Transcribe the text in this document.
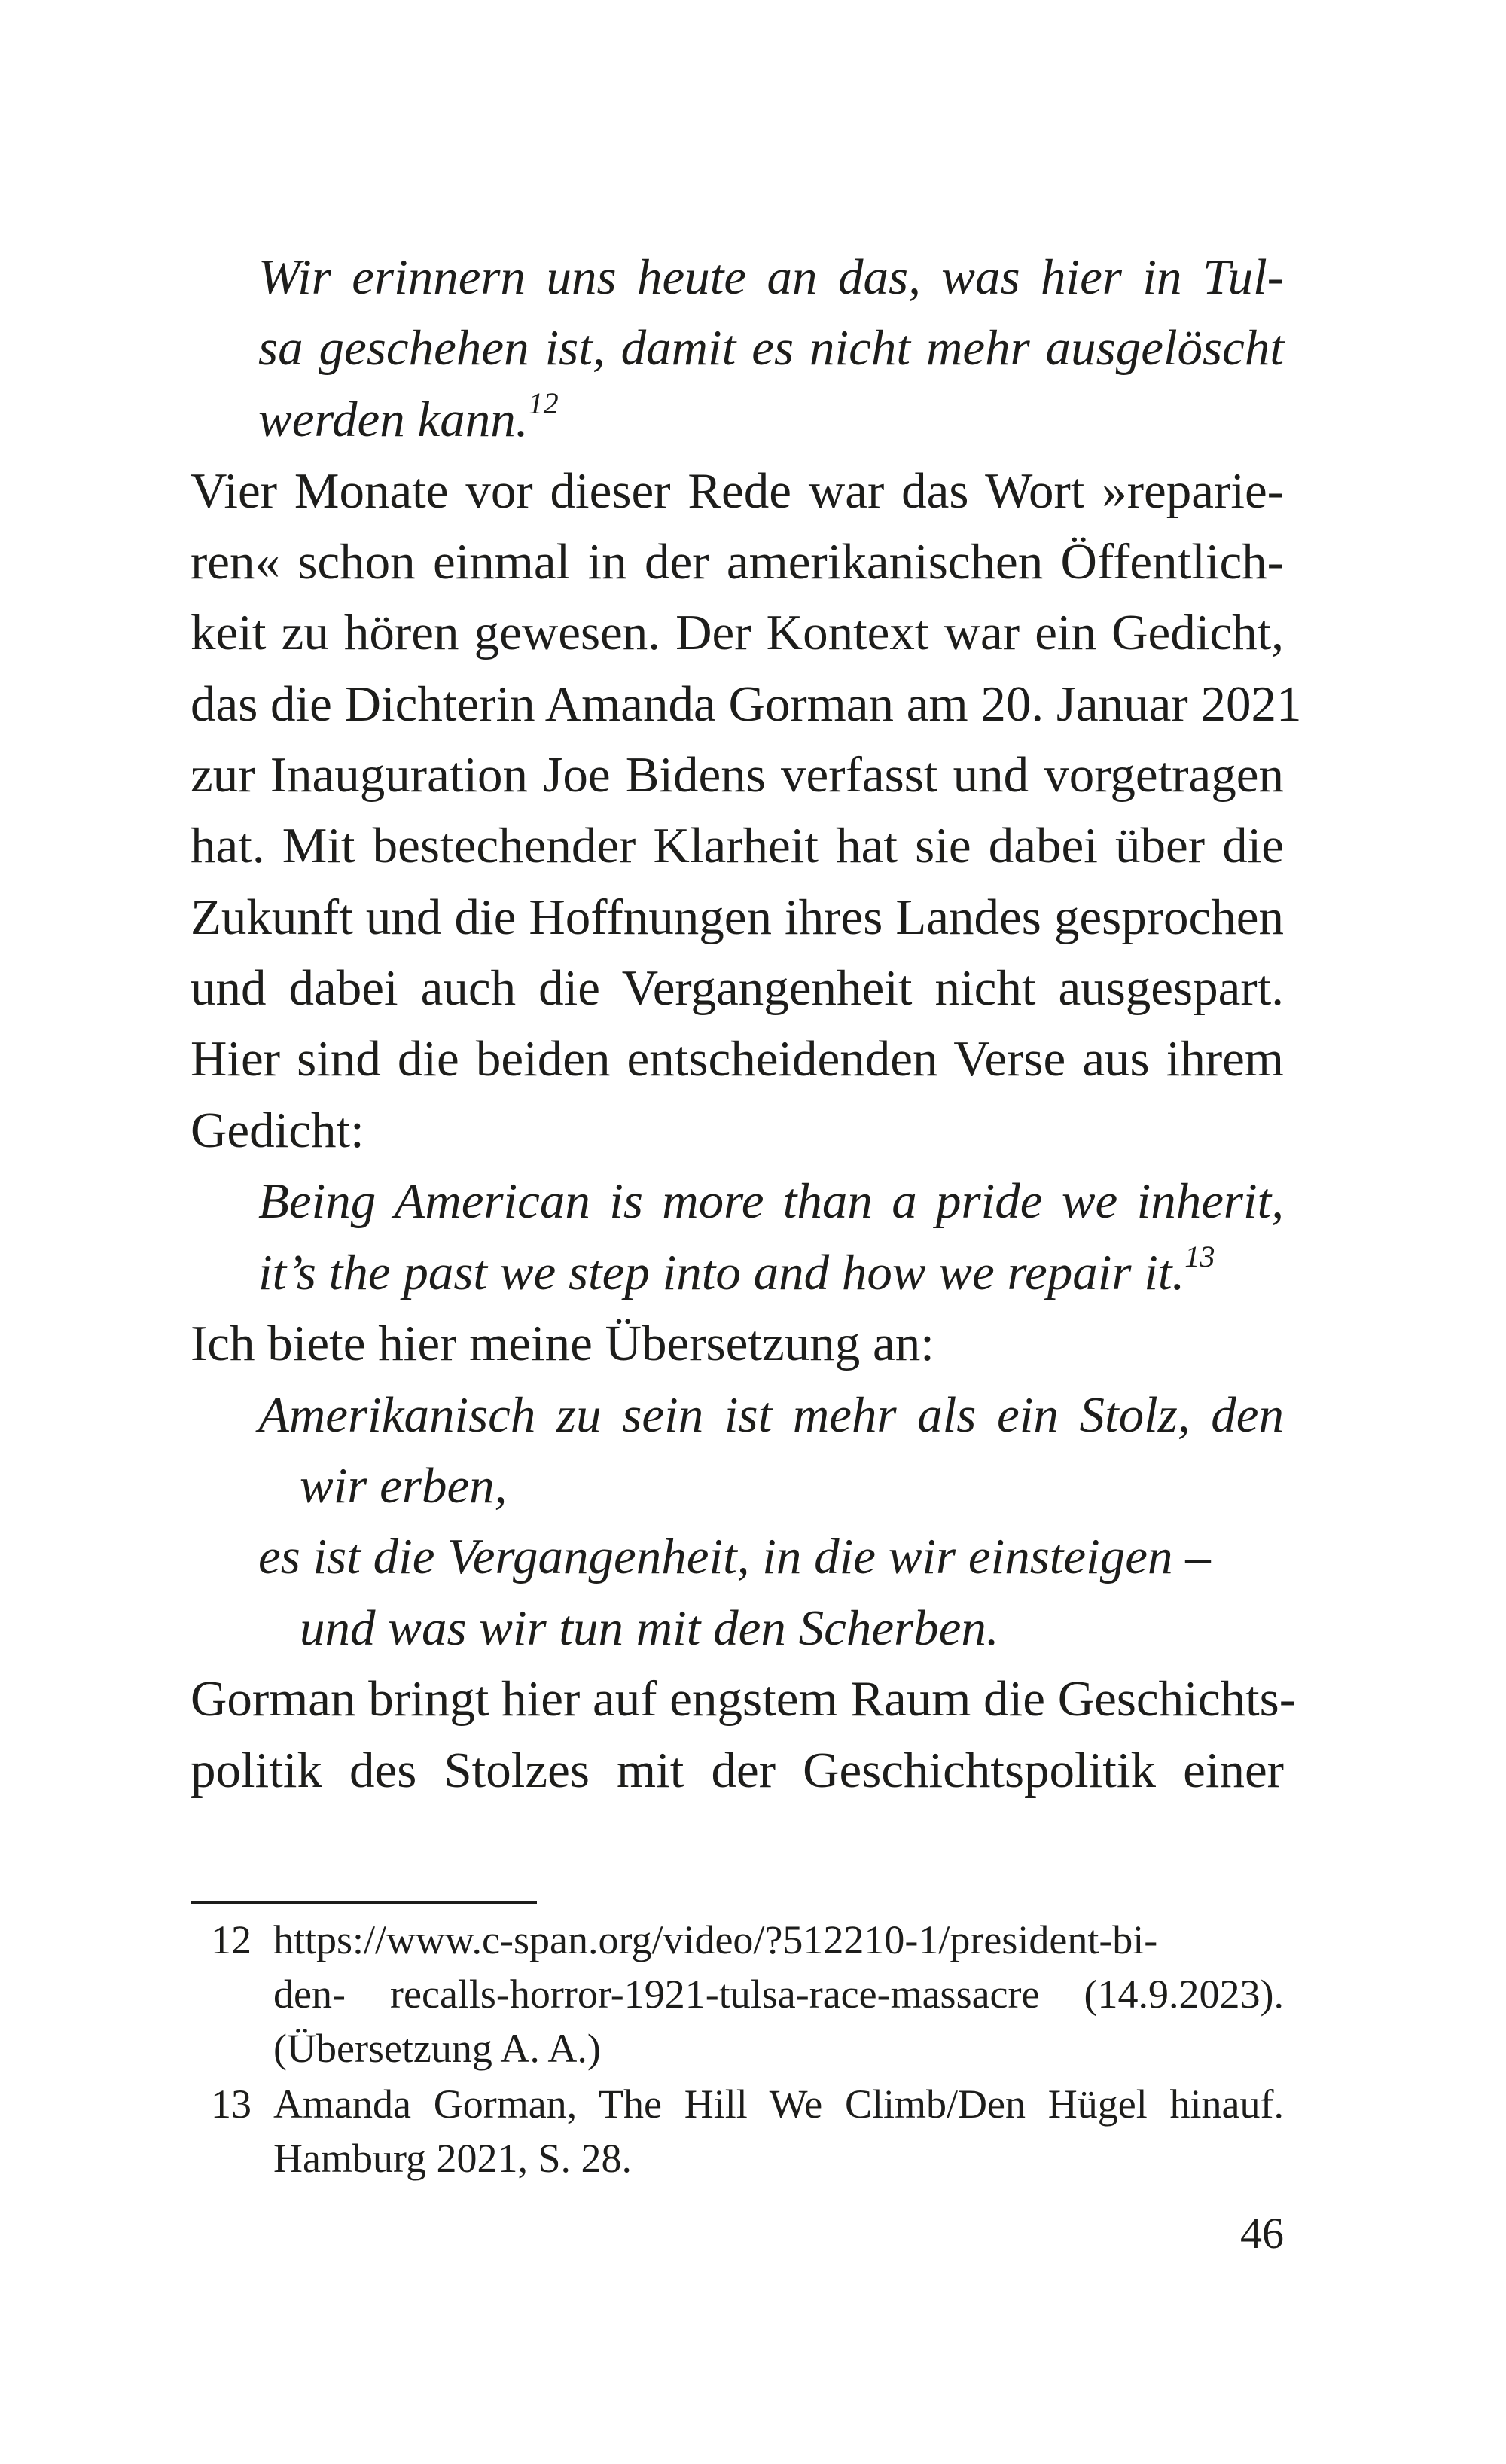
Wir erinnern uns heute an das, was hier in Tul-
sa geschehen ist, damit es nicht mehr ausgelöscht
werden kann.$^{12}$
Vier Monate vor dieser Rede war das Wort »reparie-
ren« schon einmal in der amerikanischen Öffentlich-
keit zu hören gewesen. Der Kontext war ein Gedicht,
das die Dichterin Amanda Gorman am 20. Januar 2021
zur Inauguration Joe Bidens verfasst und vorgetragen
hat. Mit bestechender Klarheit hat sie dabei über die
Zukunft und die Hoffnungen ihres Landes gesprochen
und dabei auch die Vergangenheit nicht ausgespart.
Hier sind die beiden entscheidenden Verse aus ihrem
Gedicht:
Being American is more than a pride we inherit,
it’s the past we step into and how we repair it.$^{13}$
Ich biete hier meine Übersetzung an:
Amerikanisch zu sein ist mehr als ein Stolz, den
wir erben,
es ist die Vergangenheit, in die wir einsteigen –
und was wir tun mit den Scherben.
Gorman bringt hier auf engstem Raum die Geschichts-
politik des Stolzes mit der Geschichtspolitik einer
12 https://www.c-span.org/video/?512210-1/president-bi-
den- recalls-horror-1921-tulsa-race-massacre (14.9.2023).
(Übersetzung A. A.)
13 Amanda Gorman, The Hill We Climb/Den Hügel hinauf.
Hamburg 2021, S. 28.
46
